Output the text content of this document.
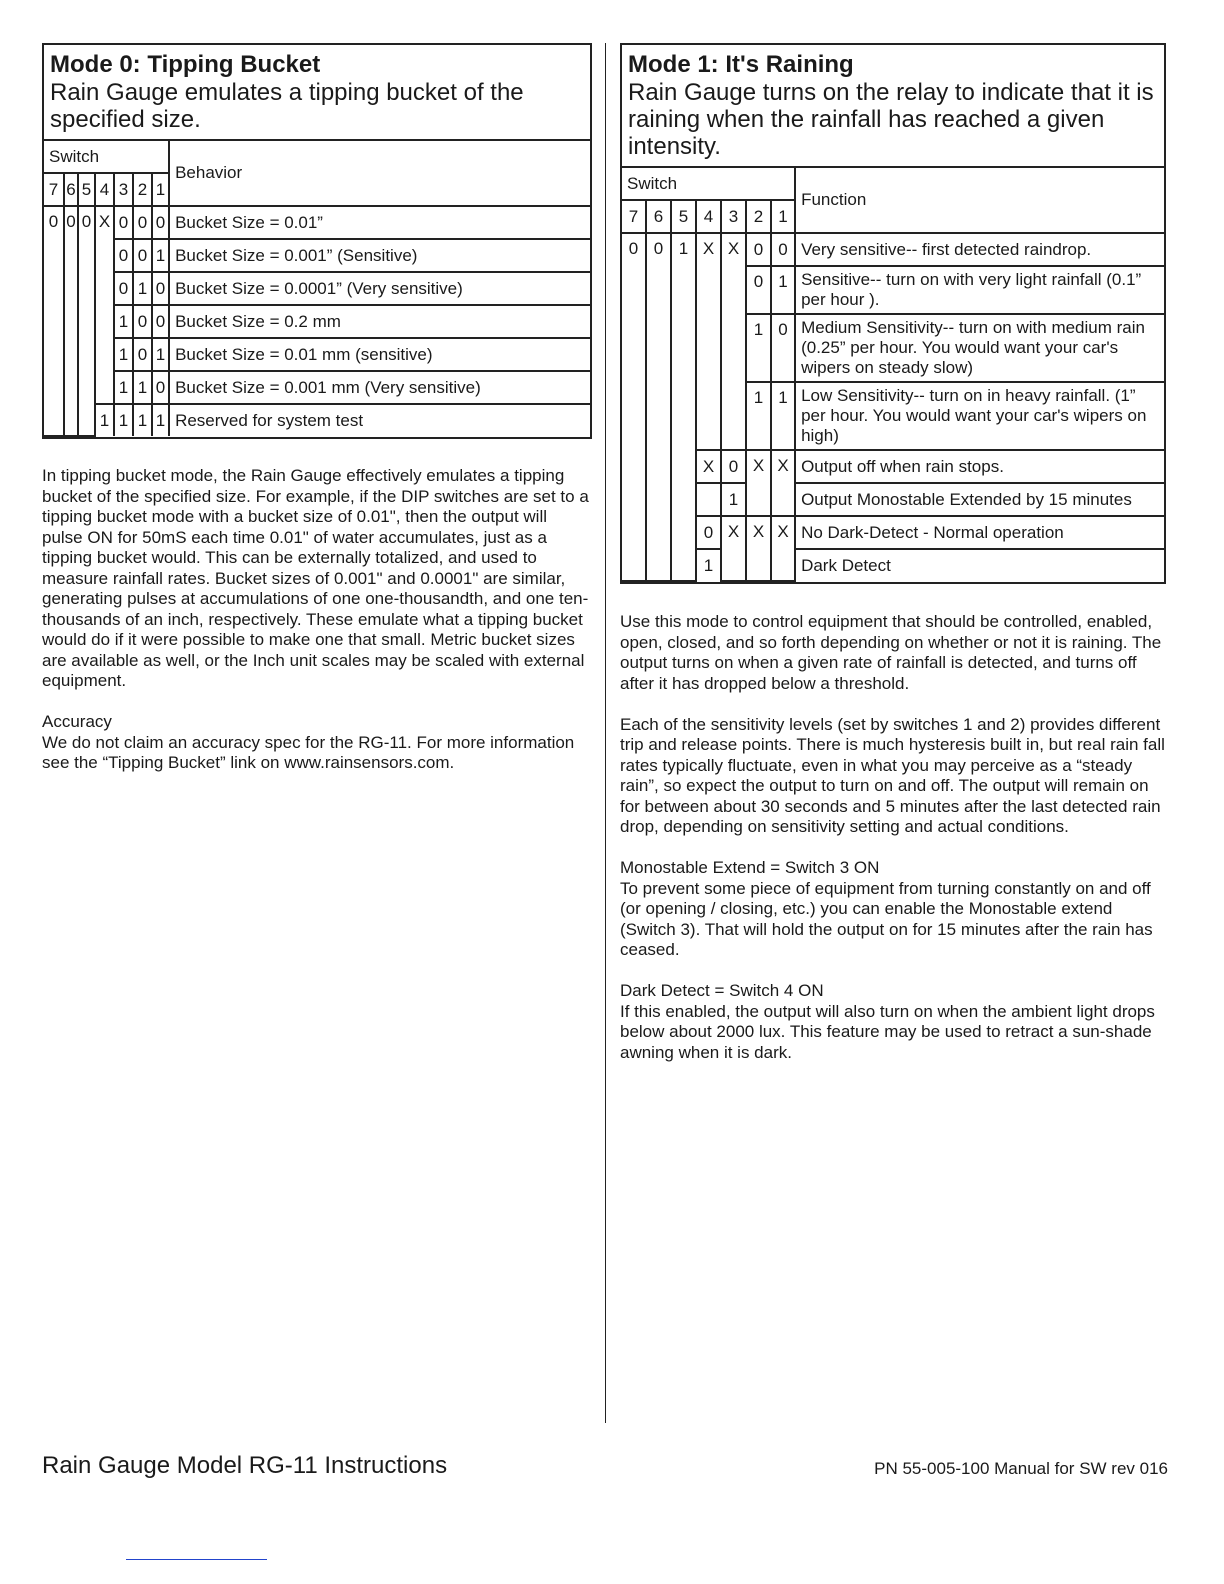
Mode 0: Tipping Bucket
Rain Gauge emulates a tipping bucket of the specified size.
Switch							Behavior
7	6	5	4	3	2	1	
0	0	0	X	0	0	0	Bucket Size = 0.01”
				0	0	1	Bucket Size = 0.001” (Sensitive)
				0	1	0	Bucket Size = 0.0001” (Very sensitive)
				1	0	0	Bucket Size = 0.2 mm
				1	0	1	Bucket Size = 0.01 mm (sensitive)
				1	1	0	Bucket Size = 0.001 mm (Very sensitive)
			1	1	1	1	Reserved for system test

In tipping bucket mode, the Rain Gauge effectively emulates a tipping bucket of the specified size. For example, if the DIP switches are set to a tipping bucket mode with a bucket size of 0.01", then the output will pulse ON for 50mS each time 0.01" of water accumulates, just as a tipping bucket would. This can be externally totalized, and used to measure rainfall rates. Bucket sizes of 0.001" and 0.0001" are similar, generating pulses at accumulations of one one-thousandth, and one ten-thousands of an inch, respectively. These emulate what a tipping bucket would do if it were possible to make one that small. Metric bucket sizes are available as well, or the Inch unit scales may be scaled with external equipment.

Accuracy

We do not claim an accuracy spec for the RG-11. For more information see the “Tipping Bucket” link on www.rainsensors.com.

Mode 1: It's Raining
Rain Gauge turns on the relay to indicate that it is raining when the rainfall has reached a given intensity.
Switch							Function
7	6	5	4	3	2	1	
0	0	1	X	X	0	0	Very sensitive-- first detected raindrop.
					0	1	Sensitive-- turn on with very light rainfall (0.1” per hour ).
					1	0	Medium Sensitivity-- turn on with medium rain (0.25” per hour. You would want your car's wipers on steady slow)
					1	1	Low Sensitivity-- turn on in heavy rainfall. (1” per hour. You would want your car's wipers on high)
			X	0	X	X	Output off when rain stops.
				1			Output Monostable Extended by 15 minutes
			0	X	X	X	No Dark-Detect - Normal operation
			1				Dark Detect

Use this mode to control equipment that should be controlled, enabled, open, closed, and so forth depending on whether or not it is raining. The output turns on when a given rate of rainfall is detected, and turns off after it has dropped below a threshold.

Each of the sensitivity levels (set by switches 1 and 2) provides different trip and release points. There is much hysteresis built in, but real rain fall rates typically fluctuate, even in what you may perceive as a “steady rain”, so expect the output to turn on and off. The output will remain on for between about 30 seconds and 5 minutes after the last detected rain drop, depending on sensitivity setting and actual conditions.

Monostable Extend = Switch 3 ON

To prevent some piece of equipment from turning constantly on and off (or opening / closing, etc.) you can enable the Monostable extend (Switch 3). That will hold the output on for 15 minutes after the rain has ceased.

Dark Detect = Switch 4 ON

If this enabled, the output will also turn on when the ambient light drops below about 2000 lux. This feature may be used to retract a sun-shade awning when it is dark.

Rain Gauge Model RG-11 Instructions	PN 55-005-100 Manual for SW rev 016
